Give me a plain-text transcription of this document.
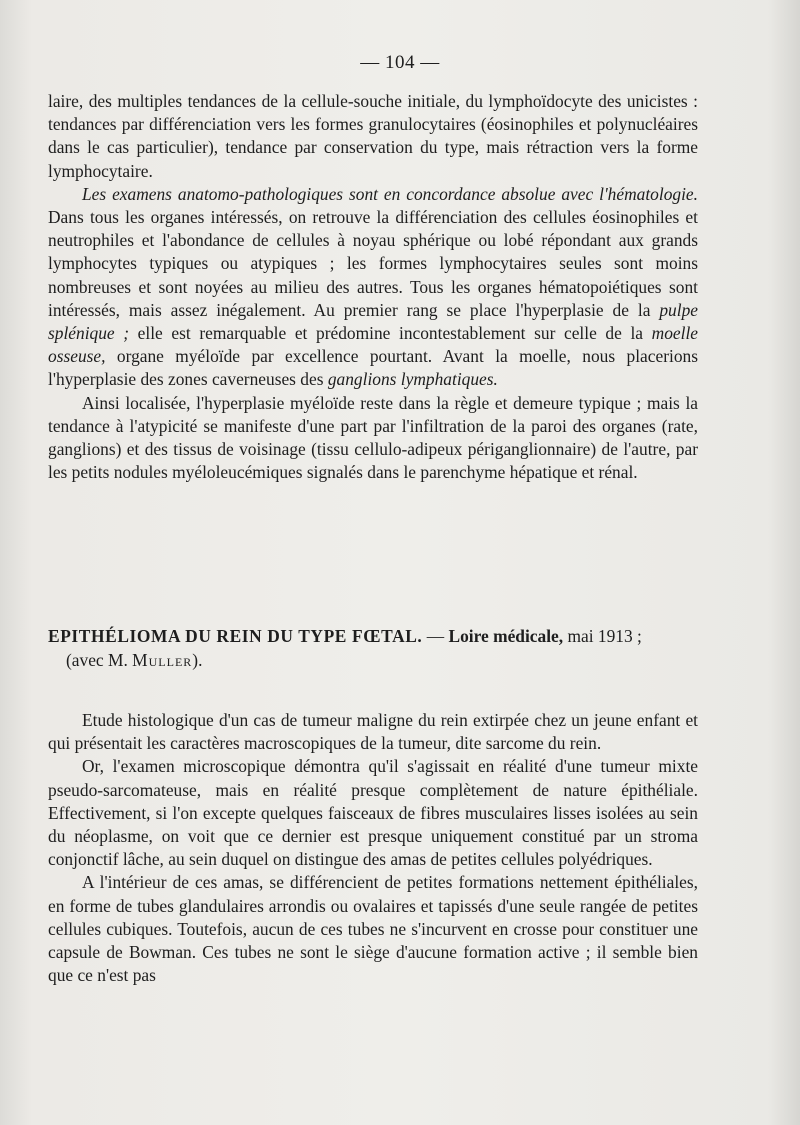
— 104 —

laire, des multiples tendances de la cellule-souche initiale, du lymphoïdocyte des unicistes : tendances par différenciation vers les formes granulocytaires (éosinophiles et polynucléaires dans le cas particulier), tendance par conservation du type, mais rétraction vers la forme lymphocytaire.

Les examens anatomo-pathologiques sont en concordance absolue avec l'hématologie. Dans tous les organes intéressés, on retrouve la différenciation des cellules éosinophiles et neutrophiles et l'abondance de cellules à noyau sphérique ou lobé répondant aux grands lymphocytes typiques ou atypiques ; les formes lymphocytaires seules sont moins nombreuses et sont noyées au milieu des autres. Tous les organes hématopoiétiques sont intéressés, mais assez inégalement. Au premier rang se place l'hyperplasie de la pulpe splénique ; elle est remarquable et prédomine incontestablement sur celle de la moelle osseuse, organe myéloïde par excellence pourtant. Avant la moelle, nous placerions l'hyperplasie des zones caverneuses des ganglions lymphatiques.

Ainsi localisée, l'hyperplasie myéloïde reste dans la règle et demeure typique ; mais la tendance à l'atypicité se manifeste d'une part par l'infiltration de la paroi des organes (rate, ganglions) et des tissus de voisinage (tissu cellulo-adipeux périganglionnaire) de l'autre, par les petits nodules myéloleucémiques signalés dans le parenchyme hépatique et rénal.

EPITHÉLIOMA DU REIN DU TYPE FŒTAL. — Loire médicale, mai 1913 ;
(avec M. Muller).

Etude histologique d'un cas de tumeur maligne du rein extirpée chez un jeune enfant et qui présentait les caractères macroscopiques de la tumeur, dite sarcome du rein.

Or, l'examen microscopique démontra qu'il s'agissait en réalité d'une tumeur mixte pseudo-sarcomateuse, mais en réalité presque complètement de nature épithéliale. Effectivement, si l'on excepte quelques faisceaux de fibres musculaires lisses isolées au sein du néoplasme, on voit que ce dernier est presque uniquement constitué par un stroma conjonctif lâche, au sein duquel on distingue des amas de petites cellules polyédriques.

A l'intérieur de ces amas, se différencient de petites formations nettement épithéliales, en forme de tubes glandulaires arrondis ou ovalaires et tapissés d'une seule rangée de petites cellules cubiques. Toutefois, aucun de ces tubes ne s'incurvent en crosse pour constituer une capsule de Bowman. Ces tubes ne sont le siège d'aucune formation active ; il semble bien que ce n'est pas
